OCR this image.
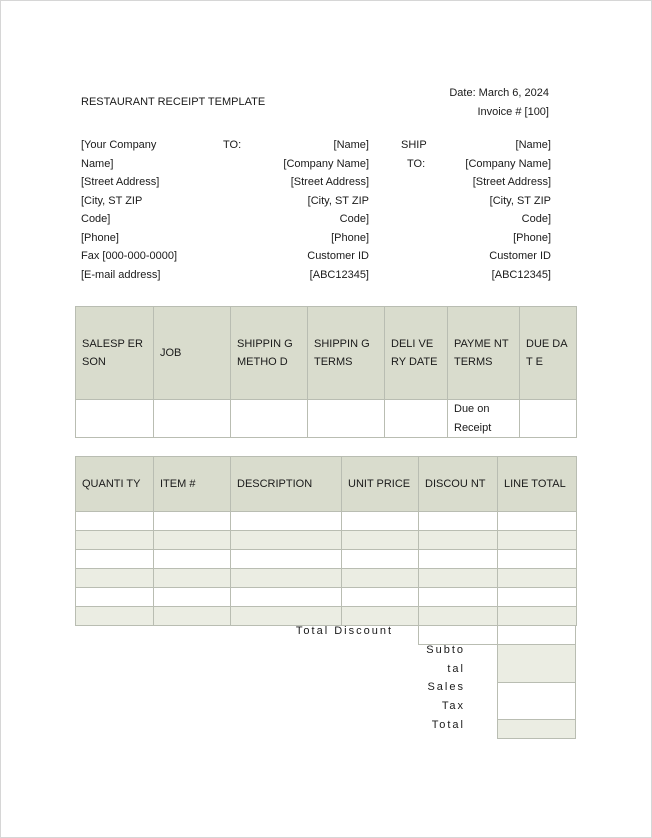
RESTAURANT RECEIPT TEMPLATE
Date: March 6, 2024
Invoice # [100]
[Your Company
Name]
[Street Address]
[City, ST ZIP
Code]
[Phone]
Fax [000-000-0000]
[E-mail address]
TO:	[Name]
[Company Name]
[Street Address]
[City, ST ZIP
Code]
[Phone]
Customer ID
[ABC12345]
SHIP
TO:
[Name]
[Company Name]
[Street Address]
[City, ST ZIP
Code]
[Phone]
Customer ID
[ABC12345]
SALESP ERSON	JOB	SHIPPIN G METHO D	SHIPPIN G TERMS	DELI VERY DATE	PAYME NT TERMS	DUE DAT E
					Due on Receipt	
QUANTI TY	ITEM #	DESCRIPTION	UNIT PRICE	DISCOU NT	LINE TOTAL

Total Discount
Subto tal
Sales Tax
Total
